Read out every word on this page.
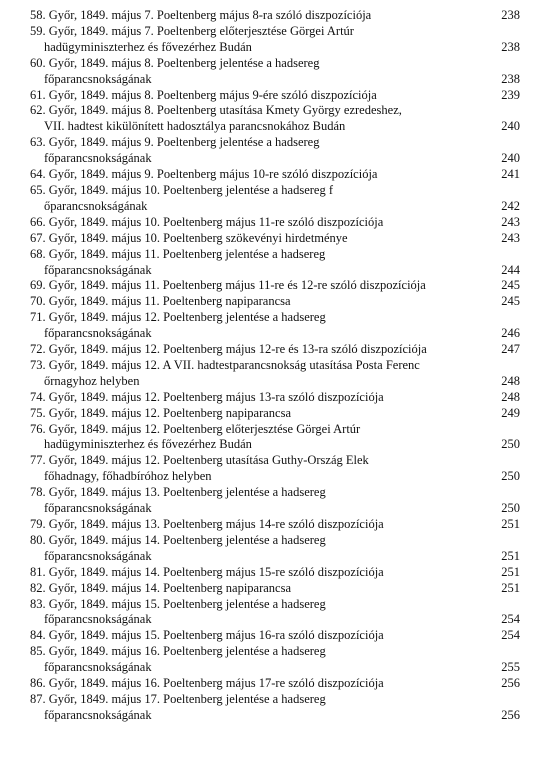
58. Győr, 1849. május 7. Poeltenberg május 8-ra szóló diszpozíciója	238
59. Győr, 1849. május 7. Poeltenberg előterjesztése Görgei Artúr
hadügyminiszterhez és fővezérhez Budán	238
60. Győr, 1849. május 8. Poeltenberg jelentése a hadsereg
főparancsnokságának	238
61. Győr, 1849. május 8. Poeltenberg május 9-ére szóló diszpozíciója	239
62. Győr, 1849. május 8. Poeltenberg utasítása Kmety György ezredeshez,
VII. hadtest kikülönített hadosztálya parancsnokához Budán	240
63. Győr, 1849. május 9. Poeltenberg jelentése a hadsereg
főparancsnokságának	240
64. Győr, 1849. május 9. Poeltenberg május 10-re szóló diszpozíciója	241
65. Győr, 1849. május 10. Poeltenberg jelentése a hadsereg f
őparancsnokságának	242
66. Győr, 1849. május 10. Poeltenberg május 11-re szóló diszpozíciója	243
67. Győr, 1849. május 10. Poeltenberg szökevényi hirdetménye	243
68. Győr, 1849. május 11. Poeltenberg jelentése a hadsereg
főparancsnokságának	244
69. Győr, 1849. május 11. Poeltenberg május 11-re és 12-re szóló diszpozíciója	245
70. Győr, 1849. május 11. Poeltenberg napiparancsa	245
71. Győr, 1849. május 12. Poeltenberg jelentése a hadsereg
főparancsnokságának	246
72. Győr, 1849. május 12. Poeltenberg május 12-re és 13-ra szóló diszpozíciója	247
73. Győr, 1849. május 12. A VII. hadtestparancsnokság utasítása Posta Ferenc
őrnagyhoz helyben	248
74. Győr, 1849. május 12. Poeltenberg május 13-ra szóló diszpozíciója	248
75. Győr, 1849. május 12. Poeltenberg napiparancsa	249
76. Győr, 1849. május 12. Poeltenberg előterjesztése Görgei Artúr
hadügyminiszterhez és fővezérhez Budán	250
77. Győr, 1849. május 12. Poeltenberg utasítása Guthy-Ország Elek
főhadnagy, főhadbíróhoz helyben	250
78. Győr, 1849. május 13. Poeltenberg jelentése a hadsereg
főparancsnokságának	250
79. Győr, 1849. május 13. Poeltenberg május 14-re szóló diszpozíciója	251
80. Győr, 1849. május 14. Poeltenberg jelentése a hadsereg
főparancsnokságának	251
81. Győr, 1849. május 14. Poeltenberg május 15-re szóló diszpozíciója	251
82. Győr, 1849. május 14. Poeltenberg napiparancsa	251
83. Győr, 1849. május 15. Poeltenberg jelentése a hadsereg
főparancsnokságának	254
84. Győr, 1849. május 15. Poeltenberg május 16-ra szóló diszpozíciója	254
85. Győr, 1849. május 16. Poeltenberg jelentése a hadsereg
főparancsnokságának	255
86. Győr, 1849. május 16. Poeltenberg május 17-re szóló diszpozíciója	256
87. Győr, 1849. május 17. Poeltenberg jelentése a hadsereg
főparancsnokságának	256
